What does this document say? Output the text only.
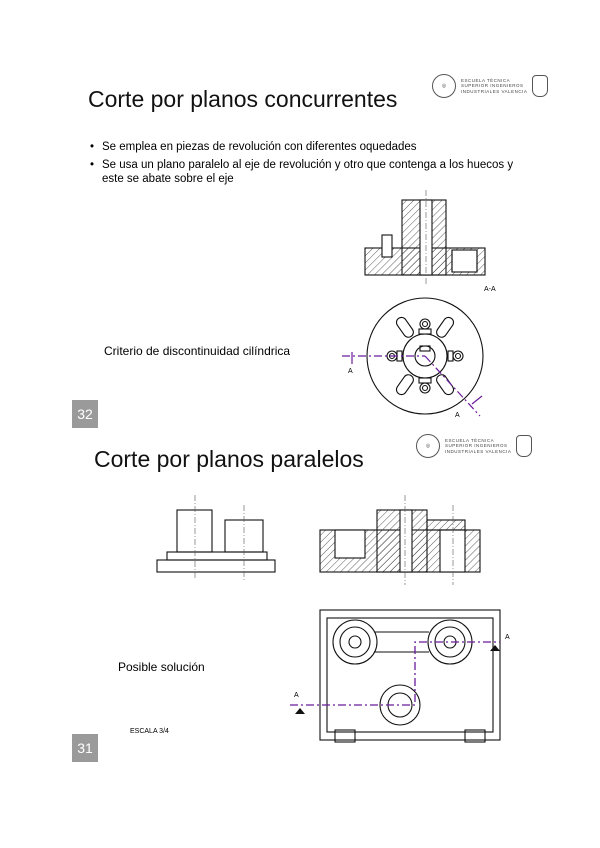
Corte por planos concurrentes	◎
ESCUELA TÉCNICA
SUPERIOR INGENIEROS
INDUSTRIALES VALENCIA
• Se emplea en piezas de revolución con diferentes oquedades
• Se usa un plano paralelo al eje de revolución y otro que contenga a los huecos y este se abate sobre el eje
A-A
A
A
Criterio de discontinuidad cilíndrica
32
Corte por planos paralelos	◎
ESCUELA TÉCNICA
SUPERIOR INGENIEROS
INDUSTRIALES VALENCIA
A
A
Posible solución
ESCALA 3/4
31
